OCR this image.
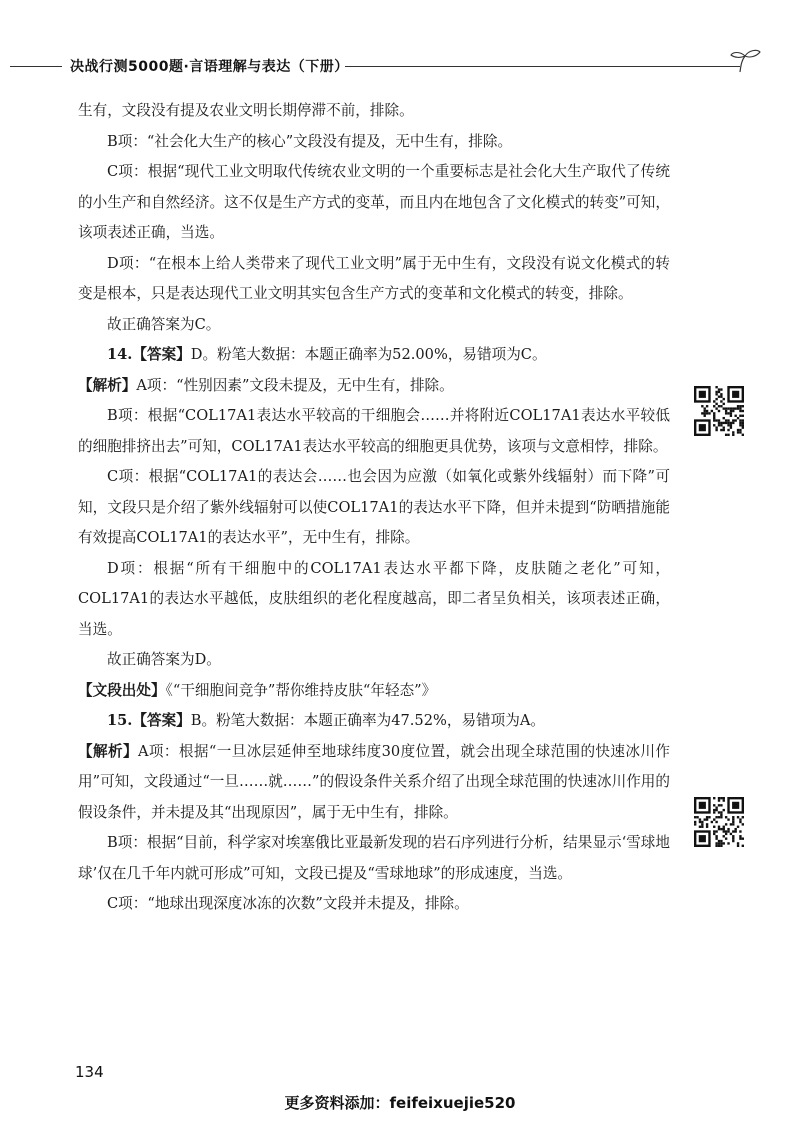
决战行测5000题·言语理解与表达（下册）

生有，文段没有提及农业文明长期停滞不前，排除。

B项：“社会化大生产的核心”文段没有提及，无中生有，排除。

C项：根据“现代工业文明取代传统农业文明的一个重要标志是社会化大生产取代了传统的小生产和自然经济。这不仅是生产方式的变革，而且内在地包含了文化模式的转变”可知，该项表述正确，当选。

D项：“在根本上给人类带来了现代工业文明”属于无中生有，文段没有说文化模式的转变是根本，只是表达现代工业文明其实包含生产方式的变革和文化模式的转变，排除。

故正确答案为C。

14.【答案】D。粉笔大数据：本题正确率为52.00%，易错项为C。

【解析】A项：“性别因素”文段未提及，无中生有，排除。

B项：根据“COL17A1表达水平较高的干细胞会……并将附近COL17A1表达水平较低的细胞排挤出去”可知，COL17A1表达水平较高的细胞更具优势，该项与文意相悖，排除。

C项：根据“COL17A1的表达会……也会因为应激（如氧化或紫外线辐射）而下降”可知，文段只是介绍了紫外线辐射可以使COL17A1的表达水平下降，但并未提到“防晒措施能有效提高COL17A1的表达水平”，无中生有，排除。

D项：根据“所有干细胞中的COL17A1表达水平都下降，皮肤随之老化”可知，COL17A1的表达水平越低，皮肤组织的老化程度越高，即二者呈负相关，该项表述正确，当选。

故正确答案为D。

【文段出处】《“干细胞间竞争”帮你维持皮肤“年轻态”》

15.【答案】B。粉笔大数据：本题正确率为47.52%，易错项为A。

【解析】A项：根据“一旦冰层延伸至地球纬度30度位置，就会出现全球范围的快速冰川作用”可知，文段通过“一旦……就……”的假设条件关系介绍了出现全球范围的快速冰川作用的假设条件，并未提及其“出现原因”，属于无中生有，排除。

B项：根据“目前，科学家对埃塞俄比亚最新发现的岩石序列进行分析，结果显示‘雪球地球’仅在几千年内就可形成”可知，文段已提及“雪球地球”的形成速度，当选。

C项：“地球出现深度冰冻的次数”文段并未提及，排除。

134
更多资料添加：feifeixuejie520
